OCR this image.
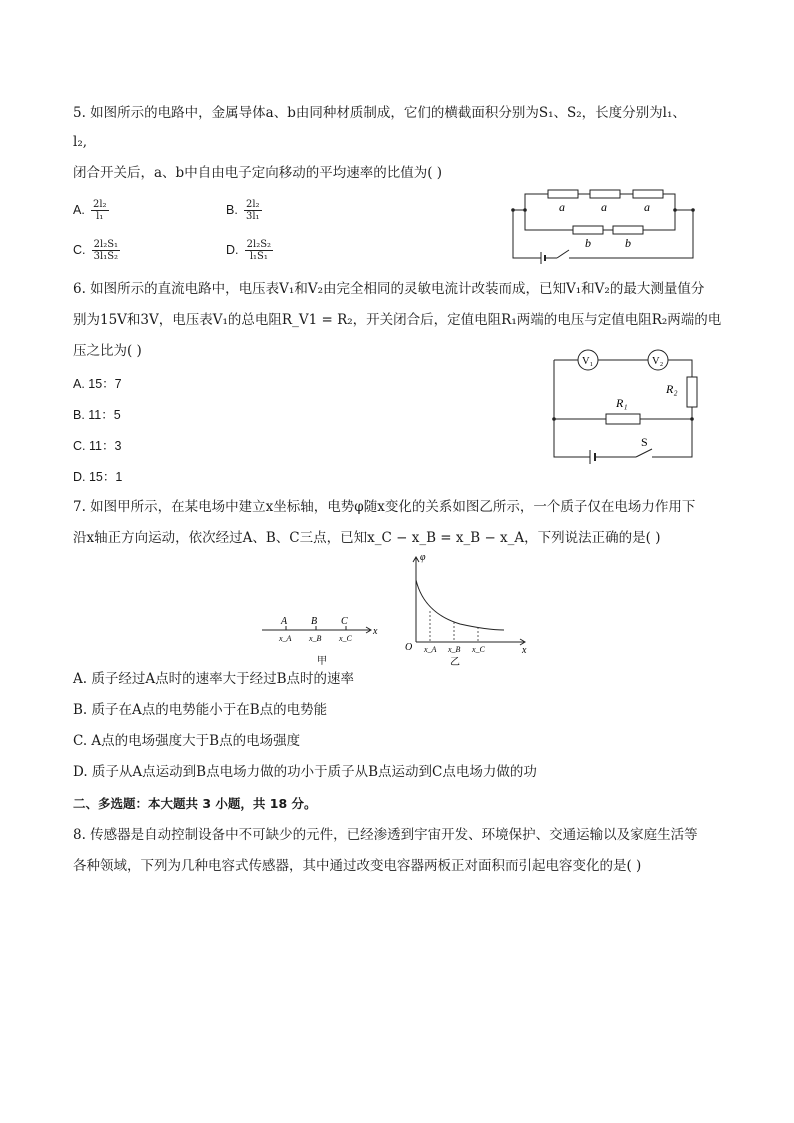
5. 如图所示的电路中，金属导体a、b由同种材质制成，它们的横截面积分别为S₁、S₂，长度分别为l₁、
l₂,
闭合开关后，a、b中自由电子定向移动的平均速率的比值为( )
A. $\frac{\text{2l₂}}{\text{l₁}}$	B. $\frac{\text{2l₂}}{\text{3l₁}}$
C. $\frac{\text{2l₂S₁}}{\text{3l₁S₂}}$	D. $\frac{\text{2l₂S₂}}{\text{l₁S₁}}$
a	a	a
b	b
6. 如图所示的直流电路中，电压表V₁和V₂由完全相同的灵敏电流计改装而成，已知V₁和V₂的最大测量值分
别为15V和3V，电压表V₁的总电阻R_V1 = R₂，开关闭合后，定值电阻R₁两端的电压与定值电阻R₂两端的电
压之比为( )
A. 15：7
B. 11：5
C. 11：3
D. 15：1
V₁	V₂
R₂
R₁
S
7. 如图甲所示，在某电场中建立x坐标轴，电势φ随x变化的关系如图乙所示，一个质子仅在电场力作用下
沿x轴正方向运动，依次经过A、B、C三点，已知x_C − x_B = x_B − x_A，下列说法正确的是( )
A B C
x_A x_B x_C
x
甲
φ
O	x
x_A x_B x_C
乙
A. 质子经过A点时的速率大于经过B点时的速率
B. 质子在A点的电势能小于在B点的电势能
C. A点的电场强度大于B点的电场强度
D. 质子从A点运动到B点电场力做的功小于质子从B点运动到C点电场力做的功
二、多选题：本大题共 3 小题，共 18 分。
8. 传感器是自动控制设备中不可缺少的元件，已经渗透到宇宙开发、环境保护、交通运输以及家庭生活等
各种领域，下列为几种电容式传感器，其中通过改变电容器两板正对面积而引起电容变化的是( )
